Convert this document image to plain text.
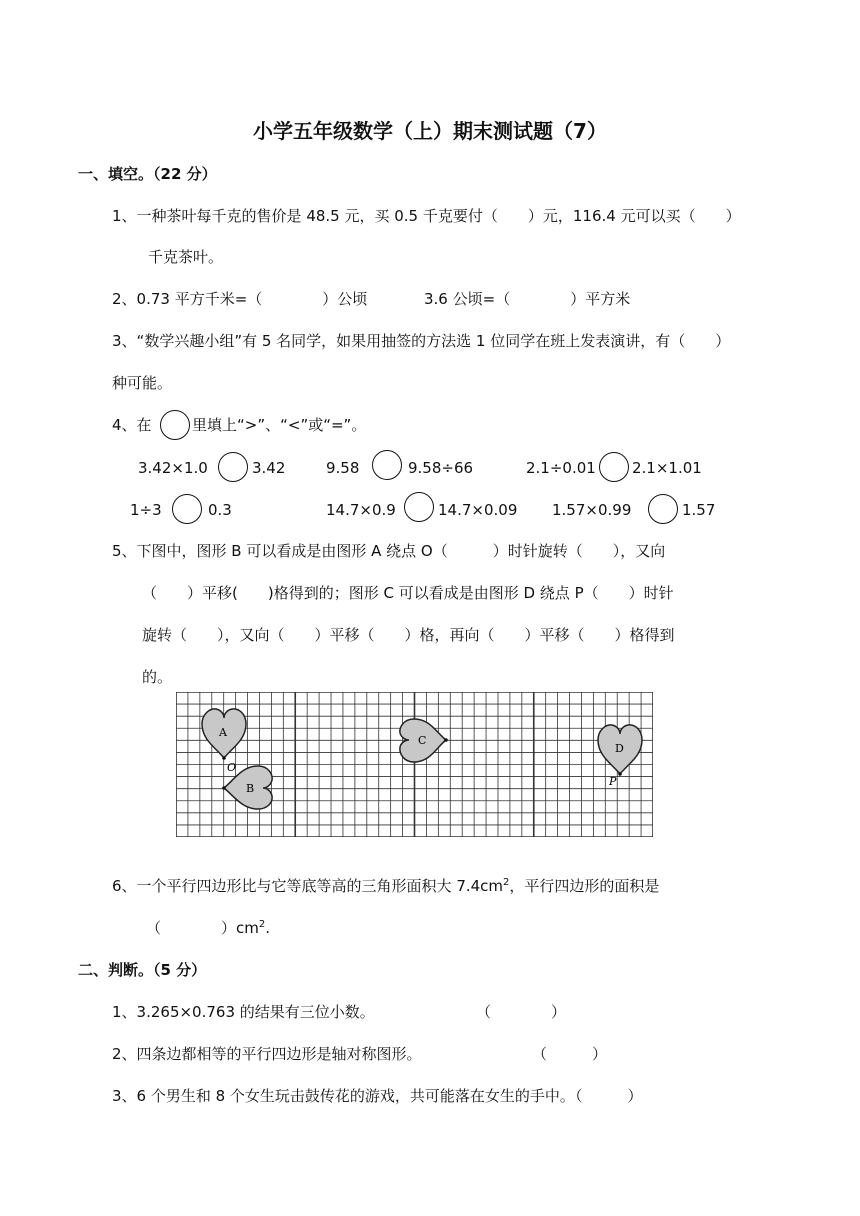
小学五年级数学（上）期末测试题（7）
一、填空。（22 分）
1、一种茶叶每千克的售价是 48.5 元，买 0.5 千克要付（　　）元，116.4 元可以买（　　）
千克茶叶。
2、0.73 平方千米=（　　　　）公顷	3.6 公顷=（　　　　）平方米
3、“数学兴趣小组”有 5 名同学，如果用抽签的方法选 1 位同学在班上发表演讲，有（　　）
种可能。
4、在	里填上“>”、“<”或“=”。
3.42×1.0	3.42	9.58	9.58÷66	2.1÷0.01 2.1×1.01
1÷3	0.3	14.7×0.9	14.7×0.09 1.57×0.99	1.57
5、下图中，图形 B 可以看成是由图形 A 绕点 O（　　　）时针旋转（　　），又向
（　　）平移(　　)格得到的；图形 C 可以看成是由图形 D 绕点 P（　　）时针
旋转（　　），又向（　　）平移（　　）格，再向（　　）平移（　　）格得到
的。
A
O
B
C
D
P
6、一个平行四边形比与它等底等高的三角形面积大 $7.4cm^2$，平行四边形的面积是
（　　　　）$cm^2$.
二、判断。（5 分）
1、3.265×0.763 的结果有三位小数。	（　　　　）
2、四条边都相等的平行四边形是轴对称图形。	（　　　）
3、6 个男生和 8 个女生玩击鼓传花的游戏，共可能落在女生的手中。（　　　）
